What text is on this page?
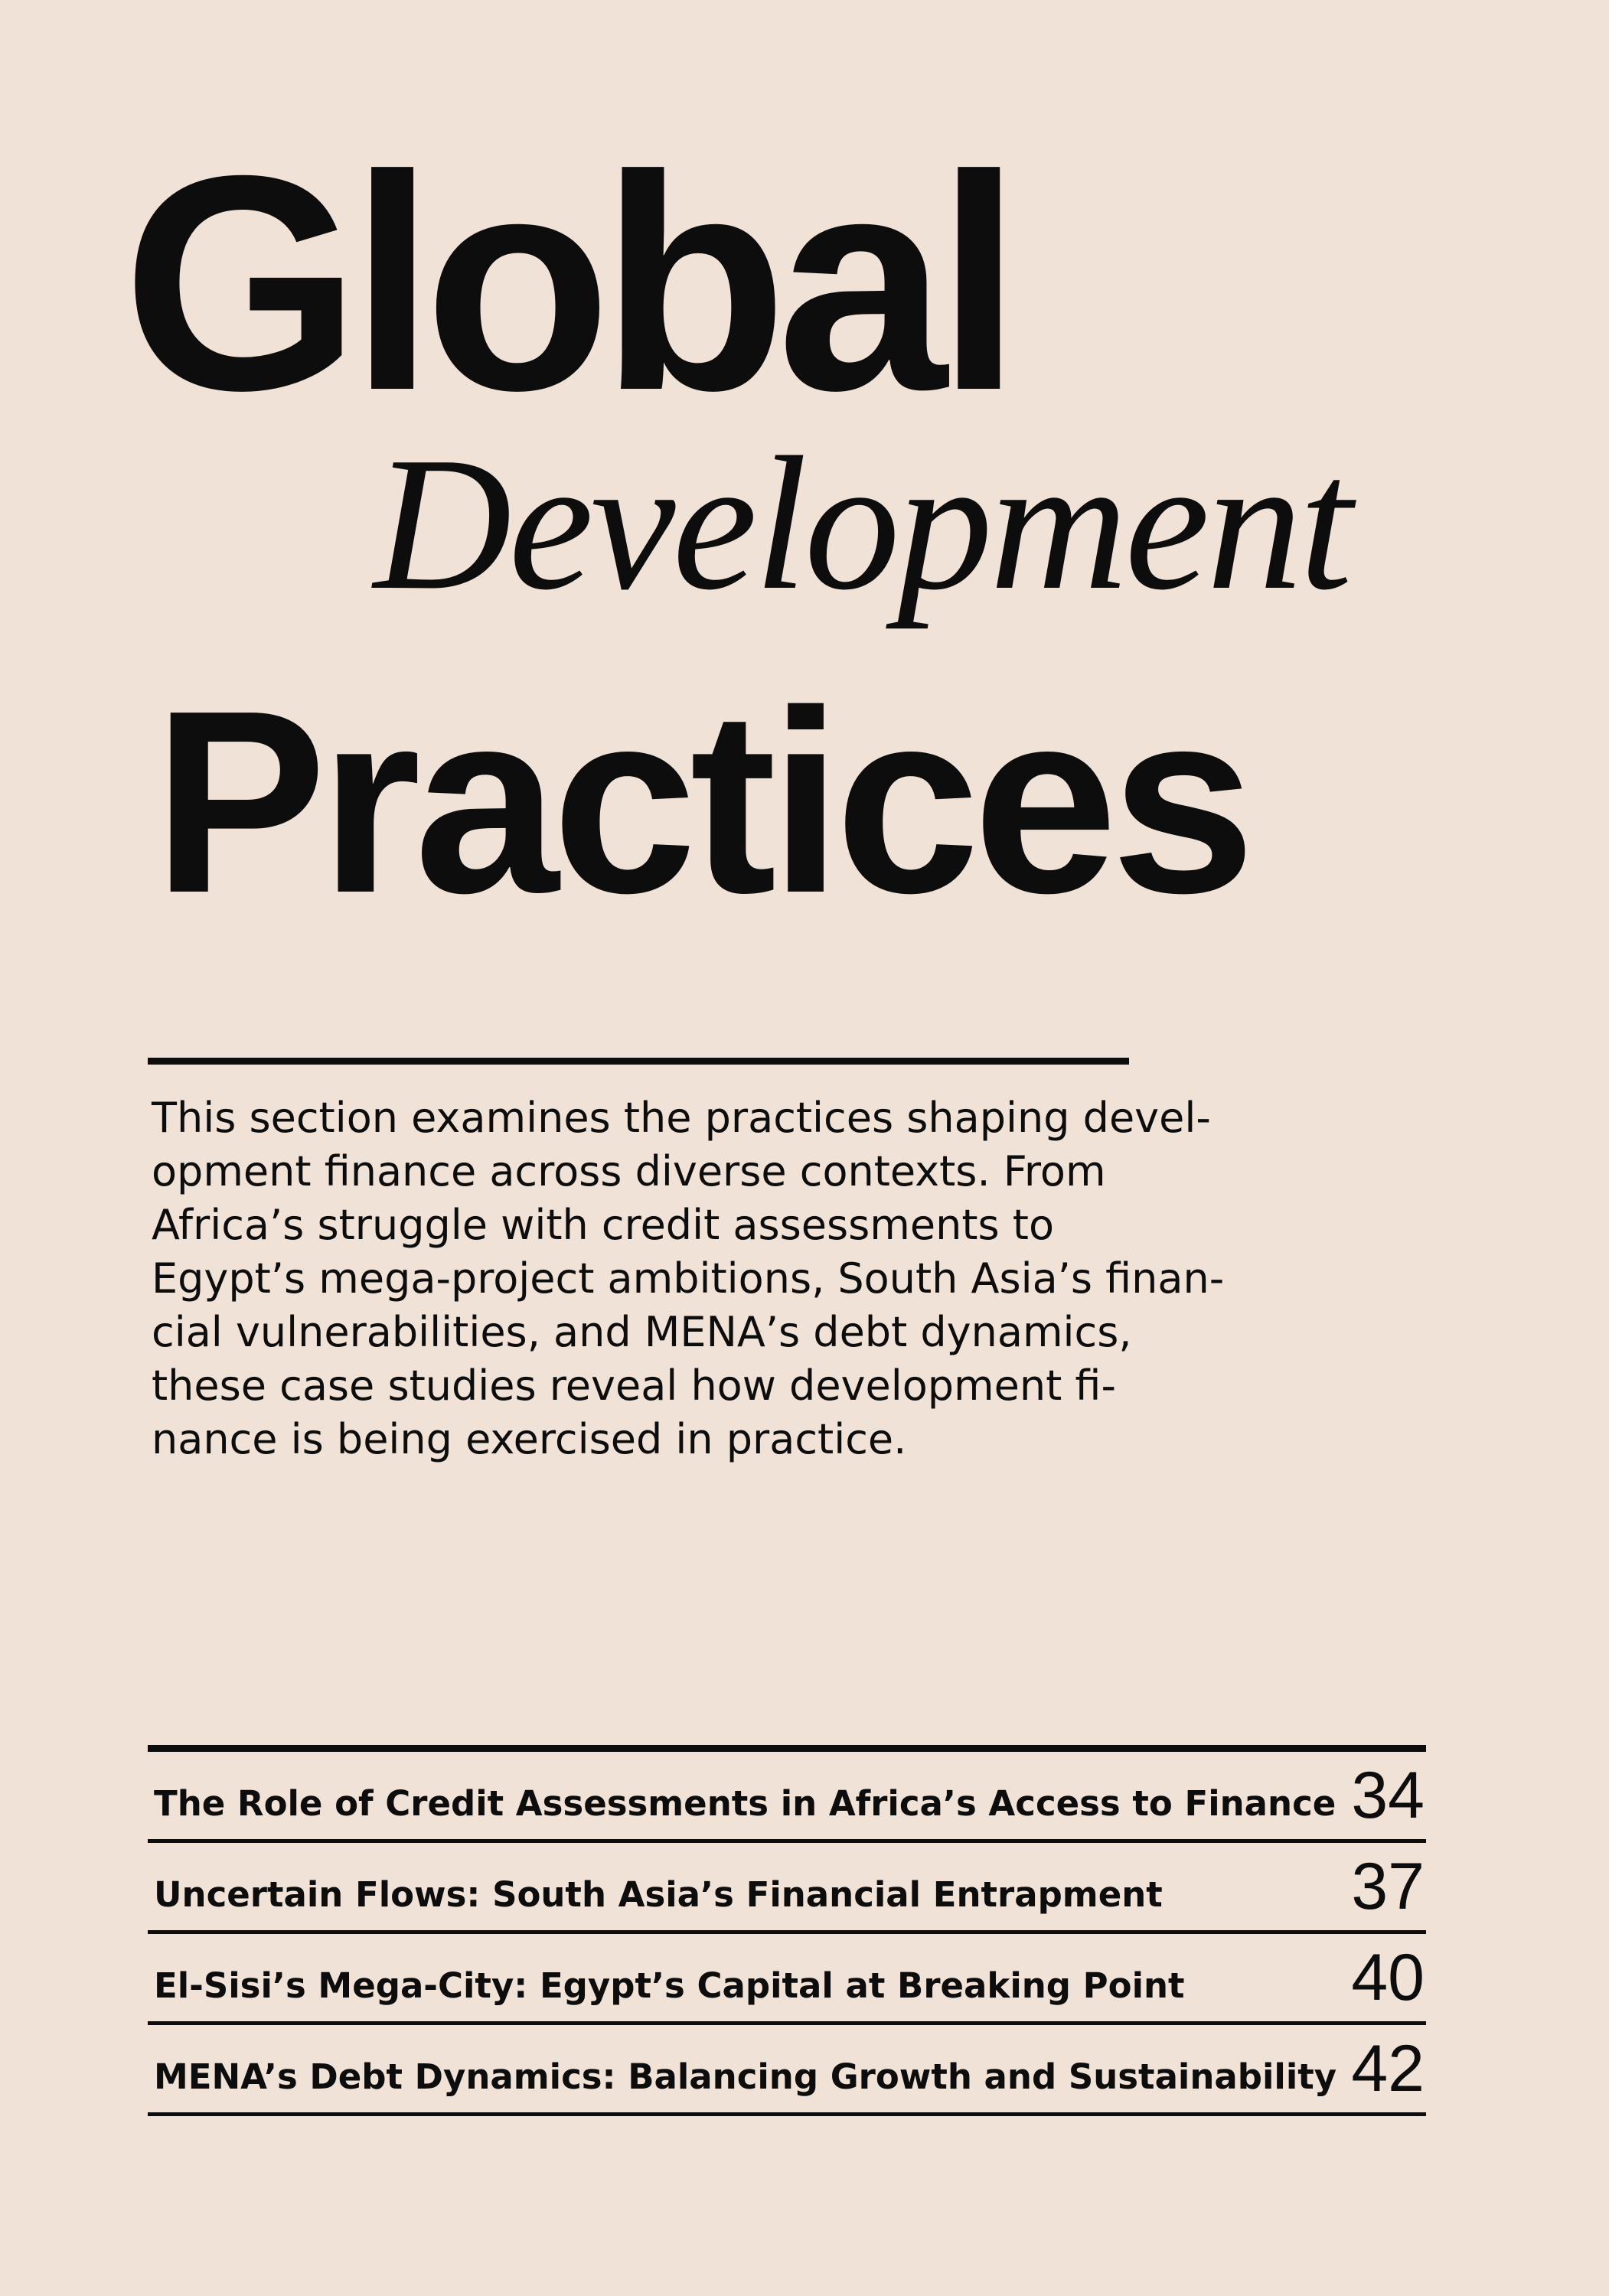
Global
Development
Practices

This section examines the practices shaping devel-
opment finance across diverse contexts. From
Africa’s struggle with credit assessments to
Egypt’s mega-project ambitions, South Asia’s finan-
cial vulnerabilities, and MENA’s debt dynamics,
these case studies reveal how development fi-
nance is being exercised in practice.

The Role of Credit Assessments in Africa’s Access to Finance 34
Uncertain Flows: South Asia’s Financial Entrapment	37
El-Sisi’s Mega-City: Egypt’s Capital at Breaking Point	40
MENA’s Debt Dynamics: Balancing Growth and Sustainability 42
